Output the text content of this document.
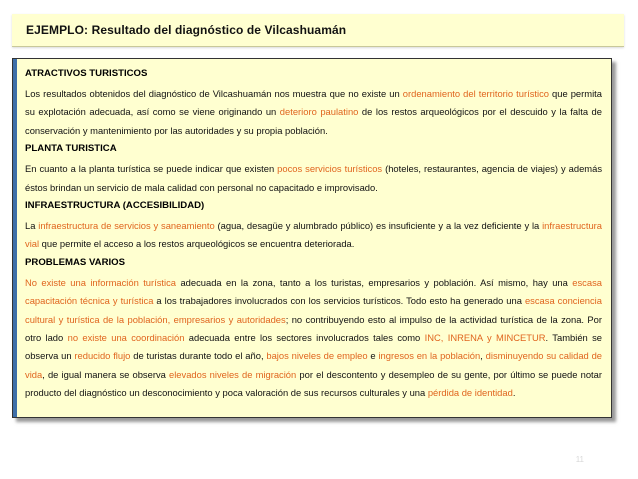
EJEMPLO: Resultado del diagnóstico de Vilcashuamán
ATRACTIVOS TURISTICOS

Los resultados obtenidos del diagnóstico de Vilcashuamán nos muestra que no existe un ordenamiento del territorio turístico que permita su explotación adecuada, así como se viene originando un deterioro paulatino de los restos arqueológicos por el descuido y la falta de conservación y mantenimiento por las autoridades y su propia población.

PLANTA TURISTICA

En cuanto a la planta turística se puede indicar que existen pocos servicios turísticos (hoteles, restaurantes, agencia de viajes) y además éstos brindan un servicio de mala calidad con personal no capacitado e improvisado.

INFRAESTRUCTURA (ACCESIBILIDAD)

La infraestructura de servicios y saneamiento (agua, desagüe y alumbrado público) es insuficiente y a la vez deficiente y la infraestructura vial que permite el acceso a los restos arqueológicos se encuentra deteriorada.

PROBLEMAS VARIOS

No existe una información turística adecuada en la zona, tanto a los turistas, empresarios y población. Así mismo, hay una escasa capacitación técnica y turística a los trabajadores involucrados con los servicios turísticos. Todo esto ha generado una escasa conciencia cultural y turística de la población, empresarios y autoridades; no contribuyendo esto al impulso de la actividad turística de la zona. Por otro lado no existe una coordinación adecuada entre los sectores involucrados tales como INC, INRENA y MINCETUR. También se observa un reducido flujo de turistas durante todo el año, bajos niveles de empleo e ingresos en la población, disminuyendo su calidad de vida, de igual manera se observa elevados niveles de migración por el descontento y desempleo de su gente, por último se puede notar producto del diagnóstico un desconocimiento y poca valoración de sus recursos culturales y una pérdida de identidad.

11
